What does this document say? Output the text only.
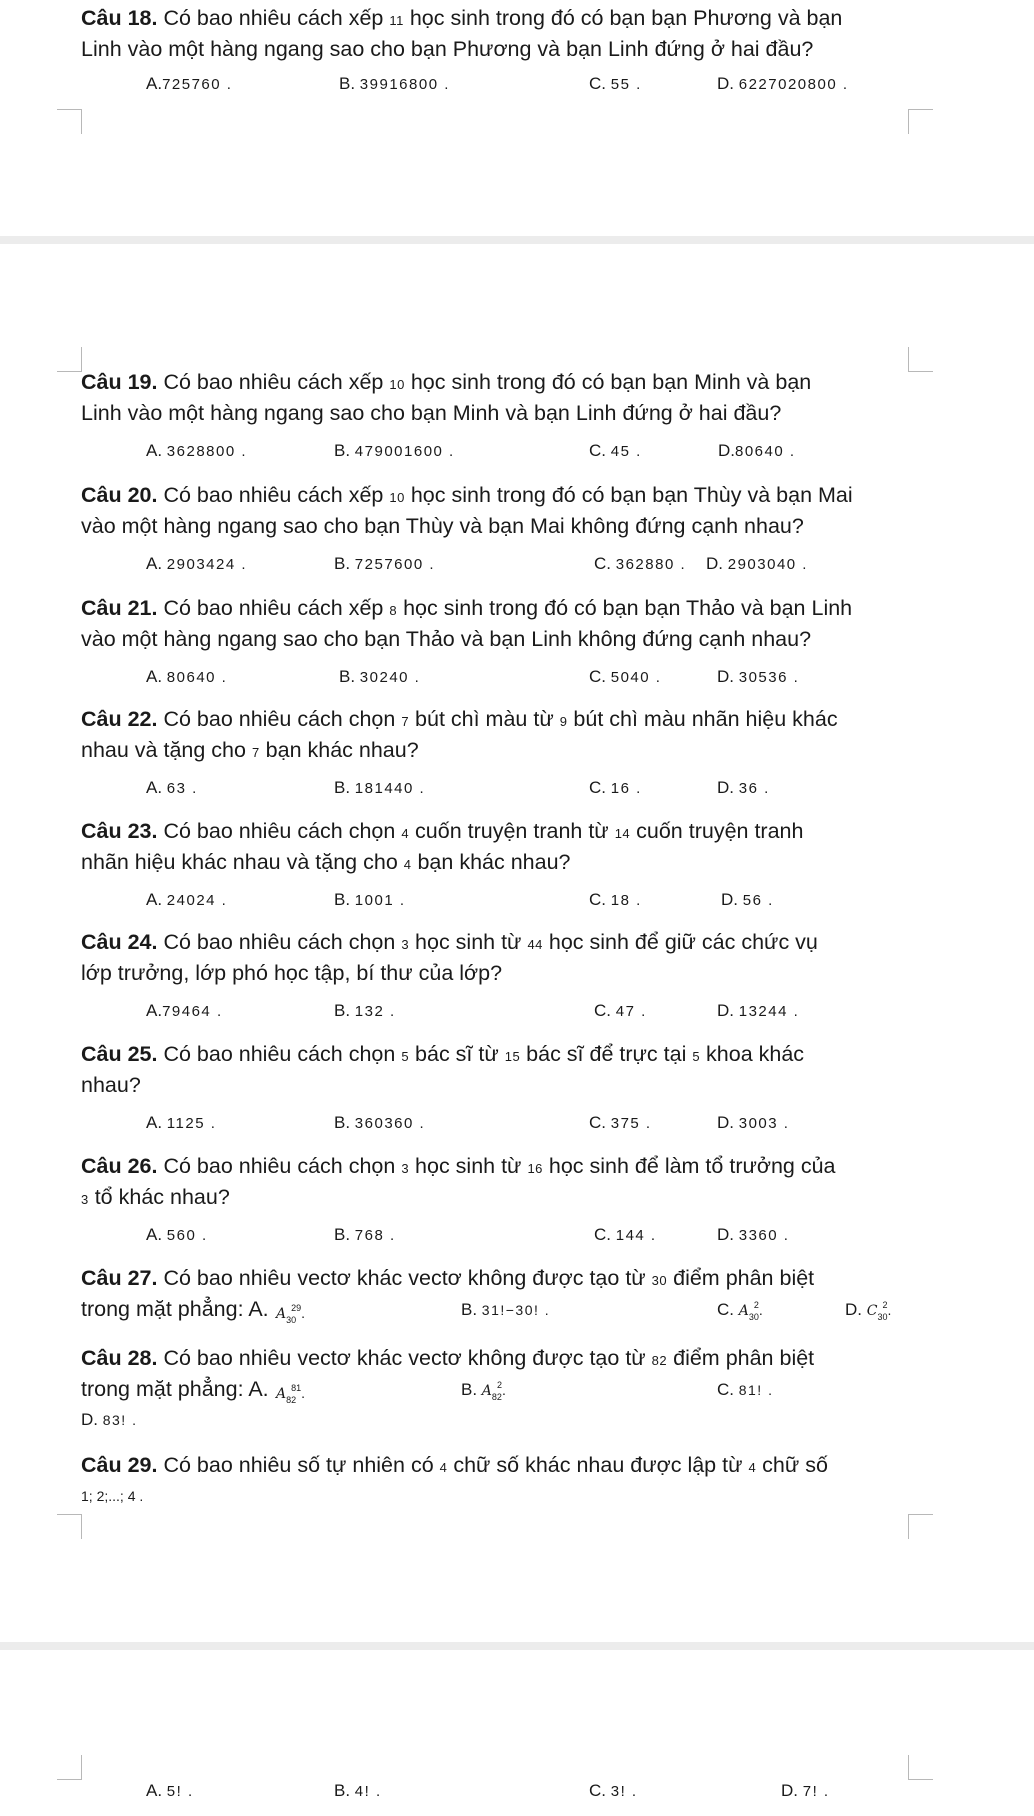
Câu 18. Có bao nhiêu cách xếp 11 học sinh trong đó có bạn bạn Phương và bạn
Linh vào một hàng ngang sao cho bạn Phương và bạn Linh đứng ở hai đầu?
A.725760 .	B. 39916800 .	C. 55 .	D. 6227020800 .
Câu 19. Có bao nhiêu cách xếp 10 học sinh trong đó có bạn bạn Minh và bạn
Linh vào một hàng ngang sao cho bạn Minh và bạn Linh đứng ở hai đầu?
A. 3628800 .	B. 479001600 .	C. 45 .	D.80640 .
Câu 20. Có bao nhiêu cách xếp 10 học sinh trong đó có bạn bạn Thùy và bạn Mai
vào một hàng ngang sao cho bạn Thùy và bạn Mai không đứng cạnh nhau?
A. 2903424 .	B. 7257600 .	C. 362880 . D. 2903040 .
Câu 21. Có bao nhiêu cách xếp 8 học sinh trong đó có bạn bạn Thảo và bạn Linh
vào một hàng ngang sao cho bạn Thảo và bạn Linh không đứng cạnh nhau?
A. 80640 .	B. 30240 .	C. 5040 .	D. 30536 .
Câu 22. Có bao nhiêu cách chọn 7 bút chì màu từ 9 bút chì màu nhãn hiệu khác
nhau và tặng cho 7 bạn khác nhau?
A. 63 .	B. 181440 .	C. 16 .	D. 36 .
Câu 23. Có bao nhiêu cách chọn 4 cuốn truyện tranh từ 14 cuốn truyện tranh
nhãn hiệu khác nhau và tặng cho 4 bạn khác nhau?
A. 24024 .	B. 1001 .	C. 18 .	D. 56 .
Câu 24. Có bao nhiêu cách chọn 3 học sinh từ 44 học sinh để giữ các chức vụ
lớp trưởng, lớp phó học tập, bí thư của lớp?
A.79464 .	B. 132 .	C. 47 .	D. 13244 .
Câu 25. Có bao nhiêu cách chọn 5 bác sĩ từ 15 bác sĩ để trực tại 5 khoa khác
nhau?
A. 1125 .	B. 360360 .	C. 375 .	D. 3003 .
Câu 26. Có bao nhiêu cách chọn 3 học sinh từ 16 học sinh để làm tổ trưởng của
3 tổ khác nhau?
A. 560 .	B. 768 .	C. 144 .	D. 3360 .
Câu 27. Có bao nhiêu vectơ khác vectơ không được tạo từ 30 điểm phân biệt
trong mặt phẳng: A. $A_{30}^{29}$.	B. 31!−30! .	C. $A_{30}^2$.	D. $C_{30}^2$.
Câu 28. Có bao nhiêu vectơ khác vectơ không được tạo từ 82 điểm phân biệt
trong mặt phẳng: A. $A_{82}^{81}$.	B. $A_{82}^2$.	C. 81! .
D. 83! .
Câu 29. Có bao nhiêu số tự nhiên có 4 chữ số khác nhau được lập từ 4 chữ số
1; 2;...; 4 .
A. 5! .	B. 4! .	C. 3! .	D. 7! .
